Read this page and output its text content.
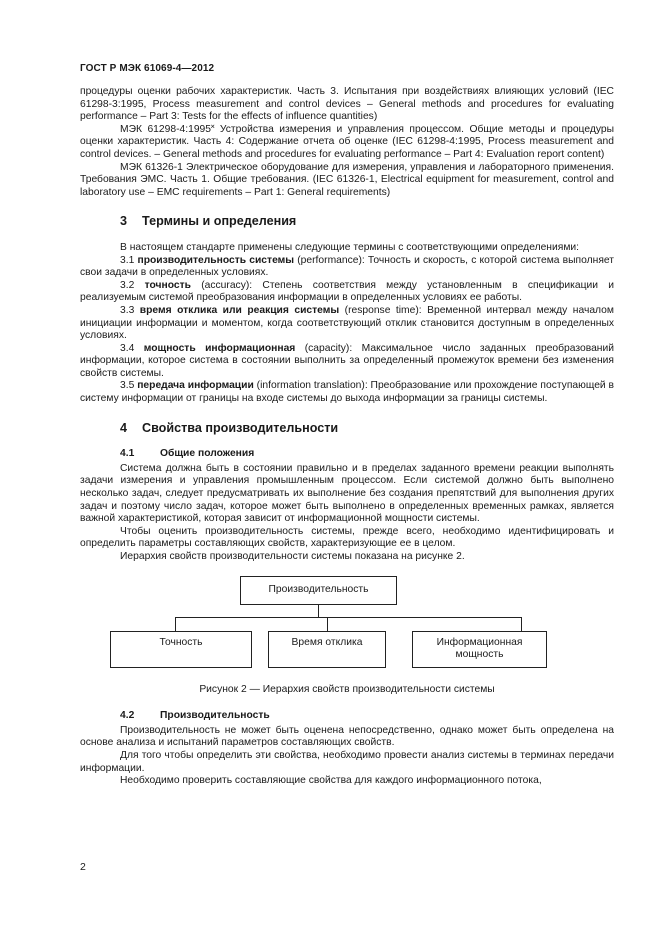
ГОСТ Р МЭК 61069-4—2012

процедуры оценки рабочих характеристик. Часть 3. Испытания при воздействиях влияющих условий (IEC 61298-3:1995, Process measurement and control devices – General methods and procedures for evaluating performance – Part 3: Tests for the effects of influence quantities)

МЭК 61298-4:1995˟ Устройства измерения и управления процессом. Общие методы и процедуры оценки характеристик. Часть 4: Содержание отчета об оценке (IEC 61298-4:1995, Process measurement and control devices. – General methods and procedures for evaluating performance – Part 4: Evaluation report content)

МЭК 61326-1 Электрическое оборудование для измерения, управления и лабораторного применения. Требования ЭМС. Часть 1. Общие требования. (IEC 61326-1, Electrical equipment for measurement, control and laboratory use – EMC requirements – Part 1: General requirements)

3 Термины и определения

В настоящем стандарте применены следующие термины с соответствующими определениями:

3.1 производительность системы (performance): Точность и скорость, с которой система выполняет свои задачи в определенных условиях.

3.2 точность (accuracy): Степень соответствия между установленным в спецификации и реализуемым системой преобразования информации в определенных условиях ее работы.

3.3 время отклика или реакция системы (response time): Временной интервал между началом инициации информации и моментом, когда соответствующий отклик становится доступным в определенных условиях.

3.4 мощность информационная (capacity): Максимальное число заданных преобразований информации, которое система в состоянии выполнить за определенный промежуток времени без изменения свойств системы.

3.5 передача информации (information translation): Преобразование или прохождение поступающей в систему информации от границы на входе системы до выхода информации за границы системы.

4 Свойства производительности
4.1 Общие положения

Система должна быть в состоянии правильно и в пределах заданного времени реакции выполнять задачи измерения и управления промышленным процессом. Если системой должно быть выполнено несколько задач, следует предусматривать их выполнение без создания препятствий для выполнения других задач и поэтому число задач, которое может быть выполнено в определенных временных рамках, является важной характеристикой, которая зависит от информационной мощности системы.

Чтобы оценить производительность системы, прежде всего, необходимо идентифицировать и определить параметры составляющих свойств, характеризующие ее в целом.

Иерархия свойств производительности системы показана на рисунке 2.

Производительность
Точность	Время отклика	Информационная
мощность
Рисунок 2 — Иерархия свойств производительности системы
4.2 Производительность

Производительность не может быть оценена непосредственно, однако может быть определена на основе анализа и испытаний параметров составляющих свойств.

Для того чтобы определить эти свойства, необходимо провести анализ системы в терминах передачи информации.

Необходимо проверить составляющие свойства для каждого информационного потока,

2
